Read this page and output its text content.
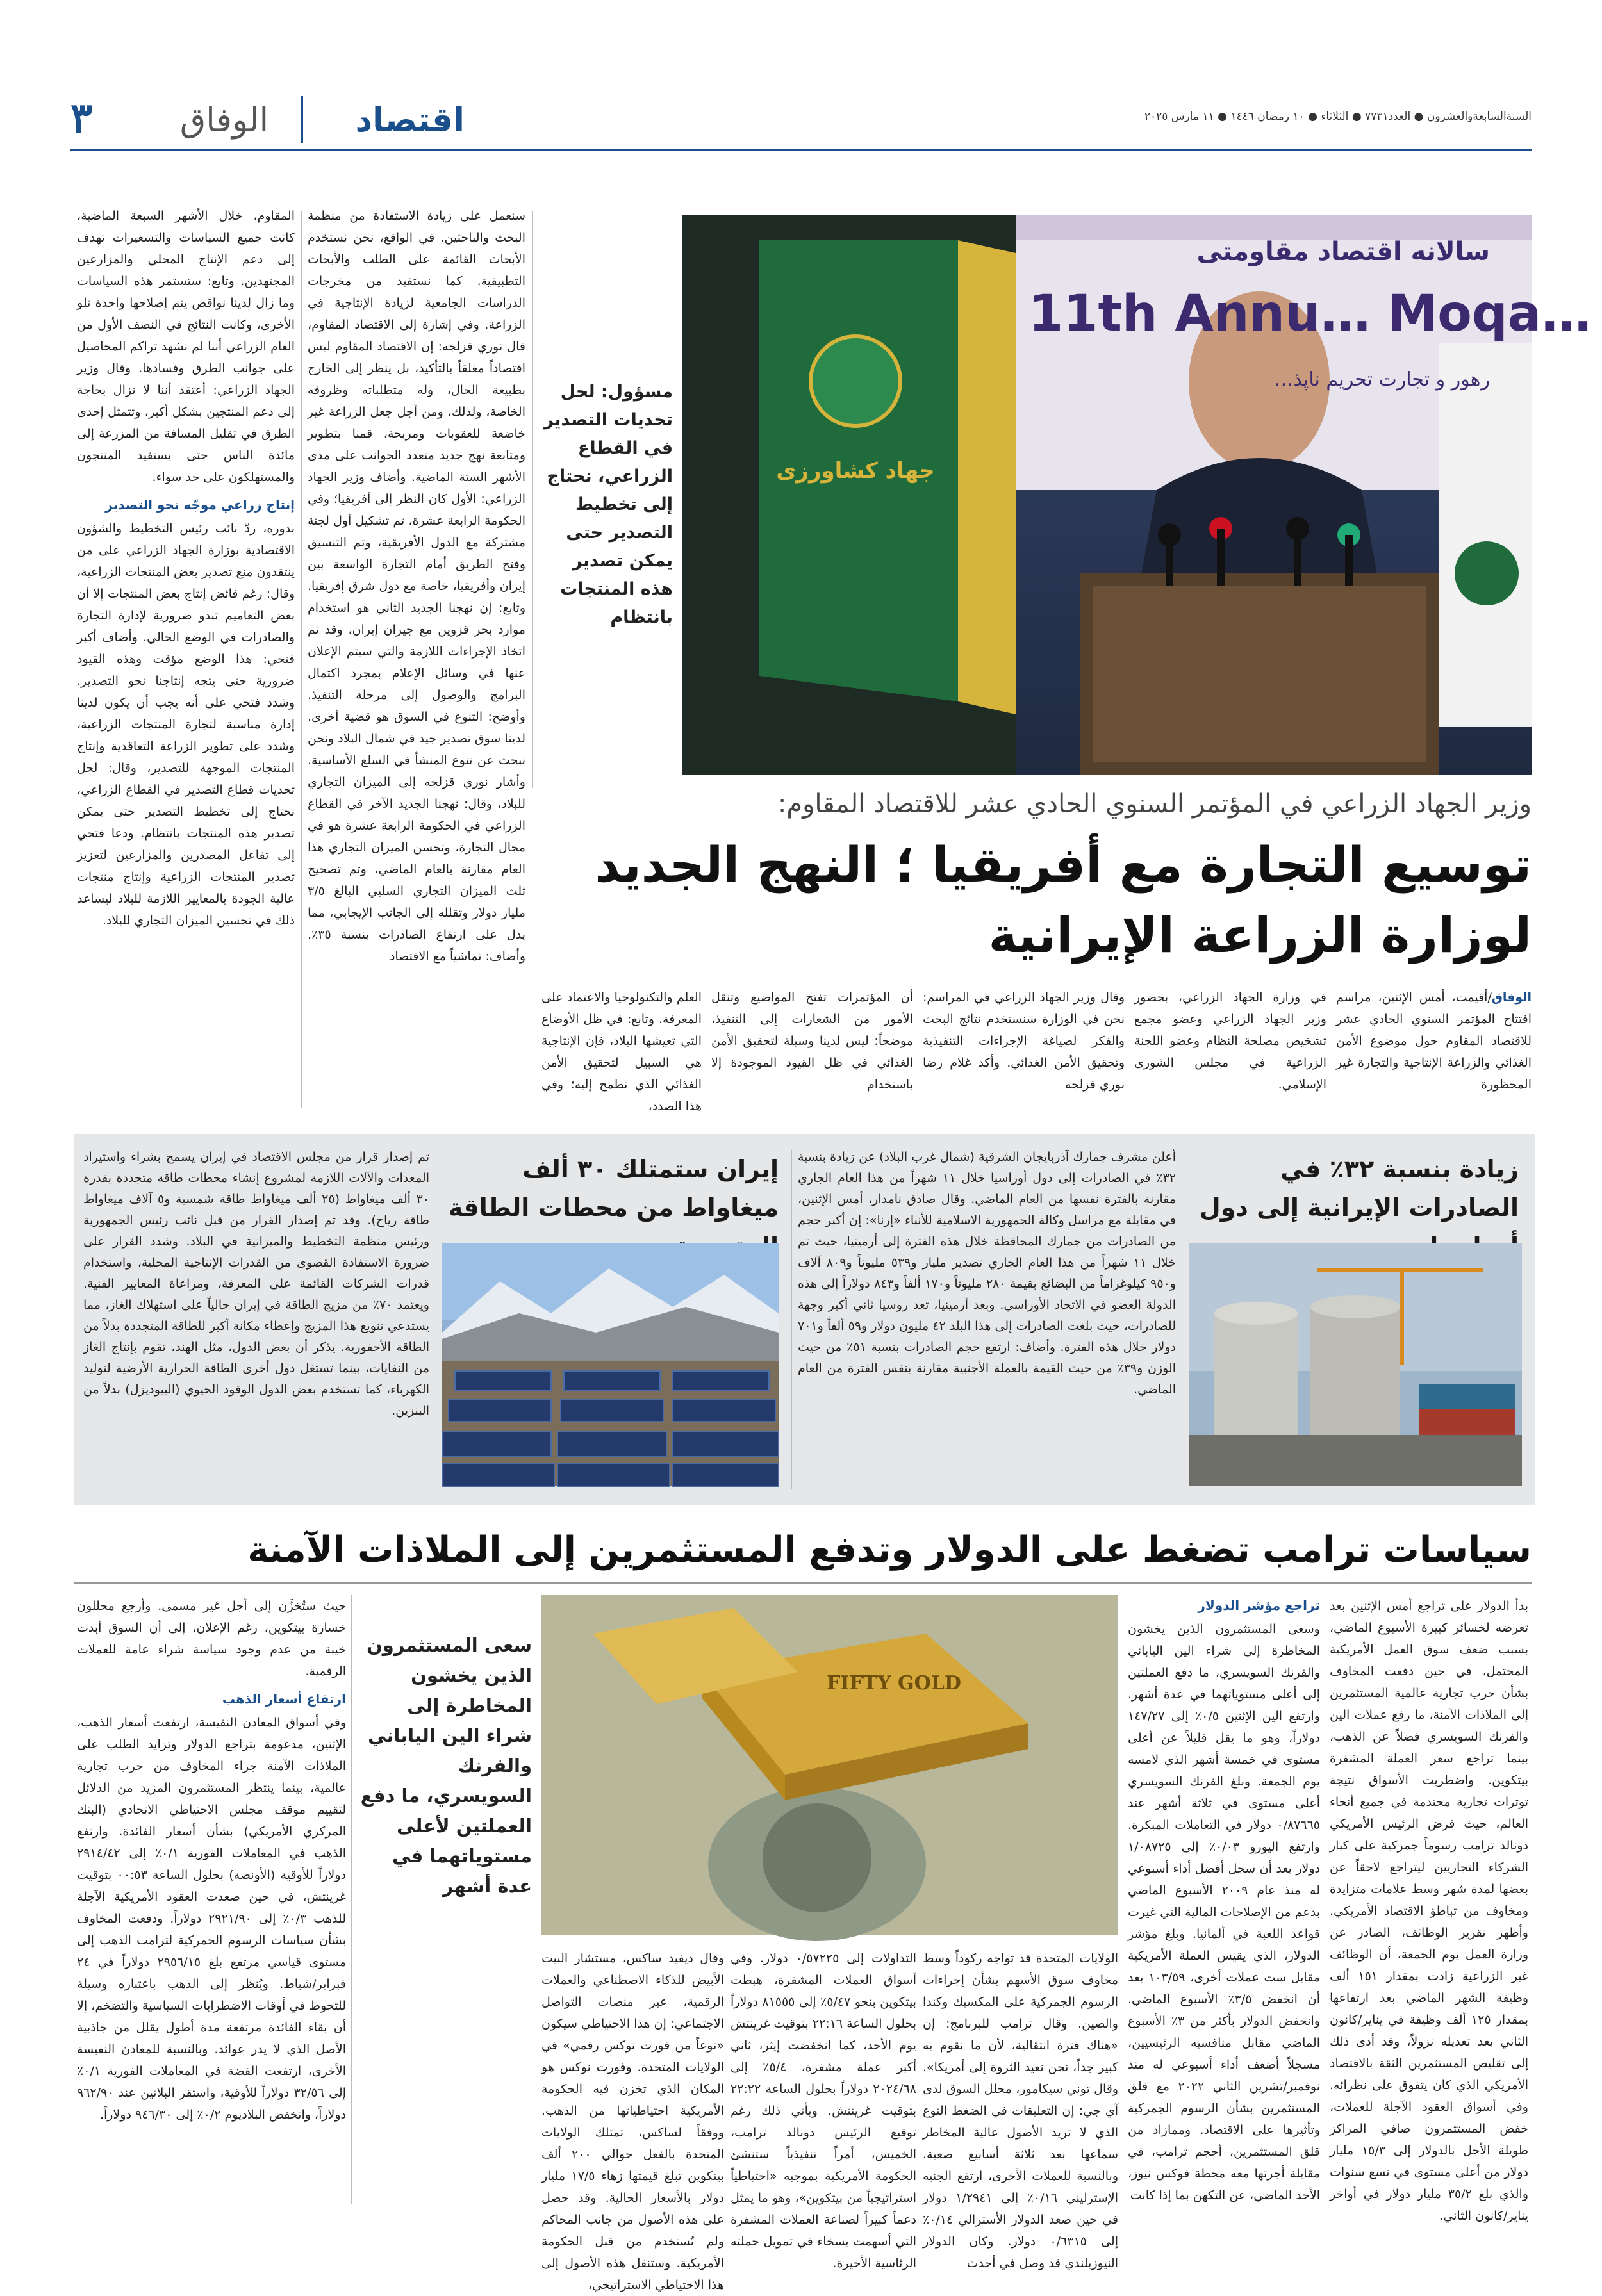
٣	الوفاق	اقتصاد	السنةالسابعةوالعشرون ● العدد٧٧٣١ ● الثلاثاء ● ١٠ رمضان ١٤٤٦ ● ١١ مارس ٢٠٢٥

المقاوم، خلال الأشهر السبعة الماضية، كانت جميع السياسات والتسعيرات تهدف إلى دعم الإنتاج المحلي والمزارعين المجتهدين. وتابع: ستستمر هذه السياسات وما زال لدينا نواقص يتم إصلاحها واحدة تلو الأخرى، وكانت النتائج في النصف الأول من العام الزراعي أننا لم نشهد تراكم المحاصيل على جوانب الطرق وفسادها. وقال وزير الجهاد الزراعي: أعتقد أننا لا نزال بحاجة إلى دعم المنتجين بشكل أكبر، وتتمثل إحدى الطرق في تقليل المسافة من المزرعة إلى مائدة الناس حتى يستفيد المنتجون والمستهلكون على حد سواء.

إنتاج زراعي موجّه نحو التصدير

بدوره، ردّ نائب رئيس التخطيط والشؤون الاقتصادية بوزارة الجهاد الزراعي على من ينتقدون منع تصدير بعض المنتجات الزراعية، وقال: رغم فائض إنتاج بعض المنتجات إلا أن بعض التعاميم تبدو ضرورية لإدارة التجارة والصادرات في الوضع الحالي. وأضاف أكبر فتحي: هذا الوضع مؤقت وهذه القيود ضرورية حتى يتجه إنتاجنا نحو التصدير. وشدد فتحي على أنه يجب أن يكون لدينا إدارة مناسبة لتجارة المنتجات الزراعية، وشدد على تطوير الزراعة التعاقدية وإنتاج المنتجات الموجهة للتصدير، وقال: لحل تحديات قطاع التصدير في القطاع الزراعي، نحتاج إلى تخطيط التصدير حتى يمكن تصدير هذه المنتجات بانتظام. ودعا فتحي إلى تفاعل المصدرين والمزارعين لتعزيز تصدير المنتجات الزراعية وإنتاج منتجات عالية الجودة بالمعايير اللازمة للبلاد ليساعد ذلك في تحسين الميزان التجاري للبلاد.

سنعمل على زيادة الاستفادة من منظمة البحث والباحثين. في الواقع، نحن نستخدم الأبحاث القائمة على الطلب والأبحاث التطبيقية. كما نستفيد من مخرجات الدراسات الجامعية لزيادة الإنتاجية في الزراعة. وفي إشارة إلى الاقتصاد المقاوم، قال نوري قزلجه: إن الاقتصاد المقاوم ليس اقتصاداً مغلقاً بالتأكيد، بل ينظر إلى الخارج بطبيعة الحال، وله متطلباته وظروفه الخاصة، ولذلك، ومن أجل جعل الزراعة غير خاضعة للعقوبات ومربحة، قمنا بتطوير ومتابعة نهج جديد متعدد الجوانب على مدى الأشهر الستة الماضية. وأضاف وزير الجهاد الزراعي: الأول كان النظر إلى أفريقيا؛ وفي الحكومة الرابعة عشرة، تم تشكيل أول لجنة مشتركة مع الدول الأفريقية، وتم التنسيق وفتح الطريق أمام التجارة الواسعة بين إيران وأفريقيا، خاصة مع دول شرق إفريقيا. وتابع: إن نهجنا الجديد الثاني هو استخدام موارد بحر قزوين مع جيران إيران، وقد تم اتخاذ الإجراءات اللازمة والتي سيتم الإعلان عنها في وسائل الإعلام بمجرد اكتمال البرامج والوصول إلى مرحلة التنفيذ. وأوضح: التنوع في السوق هو قضية أخرى. لدينا سوق تصدير جيد في شمال البلاد ونحن نبحث عن تنوع المنشأ في السلع الأساسية. وأشار نوري قزلجه إلى الميزان التجاري للبلاد، وقال: نهجنا الجديد الآخر في القطاع الزراعي في الحكومة الرابعة عشرة هو في مجال التجارة، وتحسن الميزان التجاري هذا العام مقارنة بالعام الماضي، وتم تصحيح ثلث الميزان التجاري السلبي البالغ ٣/٥ مليار دولار وتقلله إلى الجانب الإيجابي، مما يدل على ارتفاع الصادرات بنسبة ٣٥٪. وأضاف: تماشياً مع الاقتصاد

مسؤول: لحل تحديات التصدير في القطاع الزراعي، نحتاج إلى تخطيط التصدير حتى يمكن تصدير هذه المنتجات بانتظام
سالانه اقتصاد مقاومتی
11th Annu… Moqa…
رهور و تجارت تحریم ناپذ…
جهاد كشاورزى
وزير الجهاد الزراعي في المؤتمر السنوي الحادي عشر للاقتصاد المقاوم:
توسيع التجارة مع أفريقيا ؛ النهج الجديد
لوزارة الزراعة الإيرانية

الوفاق/أقيمت، أمس الإثنين، مراسم افتتاح المؤتمر السنوي الحادي عشر للاقتصاد المقاوم حول موضوع الأمن الغذائي والزراعة الإنتاجية والتجارة غير المحظورة

في وزارة الجهاد الزراعي، بحضور وزير الجهاد الزراعي وعضو مجمع تشخيص مصلحة النظام وعضو اللجنة الزراعية في مجلس الشورى الإسلامي.

وقال وزير الجهاد الزراعي في المراسم: نحن في الوزارة سنستخدم نتائج البحث والفكر لصياغة الإجراءات التنفيذية وتحقيق الأمن الغذائي. وأكد غلام رضا نوري قزلجه

أن المؤتمرات تفتح المواضيع وتنقل الأمور من الشعارات إلى التنفيذ، موضحاً: ليس لدينا وسيلة لتحقيق الأمن الغذائي في ظل القيود الموجودة إلا باستخدام

العلم والتكنولوجيا والاعتماد على المعرفة. وتابع: في ظل الأوضاع التي تعيشها البلاد، فإن الإنتاجية هي السبيل لتحقيق الأمن الغذائي الذي نطمح إليه؛ وفي هذا الصدد،

زيادة بنسبة ٣٢٪ في الصادرات الإيرانية إلى دول

أعلن مشرف جمارك آذربايجان الشرقية (شمال غرب البلاد) عن زيادة بنسبة ٣٢٪ في الصادرات إلى دول أوراسيا خلال ١١ شهراً من هذا العام الجاري مقارنة بالفترة نفسها من العام الماضي. وقال صادق نامدار، أمس الإثنين، في مقابلة مع مراسل وكالة الجمهورية الاسلامية للأنباء «إرنا»: إن أكبر حجم من الصادرات من جمارك المحافظة خلال هذه الفترة إلى أرمينيا، حيث تم خلال ١١ شهراً من هذا العام الجاري تصدير مليار و٥٣٩ مليوناً و٨٠٩ آلاف و٩٥٠ كيلوغراماً من البضائع بقيمة ٢٨٠ مليوناً و١٧٠ ألفاً و٨٤٣ دولاراً إلى هذه الدولة العضو في الاتحاد الأوراسي. وبعد أرمينيا، تعد روسيا ثاني أكبر وجهة للصادرات، حيث بلغت الصادرات إلى هذا البلد ٤٢ مليون دولار و٥٩ ألفاً و٧٠١ دولار خلال هذه الفترة. وأضاف: ارتفع حجم الصادرات بنسبة ٥١٪ من حيث الوزن و٣٩٪ من حيث القيمة بالعملة الأجنبية مقارنة بنفس الفترة من العام الماضي.

إيران ستمتلك ٣٠ ألف ميغاواط من محطات الطاقة

تم إصدار قرار من مجلس الاقتصاد في إيران يسمح بشراء واستيراد المعدات والآلات اللازمة لمشروع إنشاء محطات طاقة متجددة بقدرة ٣٠ ألف ميغاواط (٢٥ ألف ميغاواط طاقة شمسية و٥ آلاف ميغاواط طاقة رياح). وقد تم إصدار القرار من قبل نائب رئيس الجمهورية ورئيس منظمة التخطيط والميزانية في البلاد. وشدد القرار على ضرورة الاستفادة القصوى من القدرات الإنتاجية المحلية، واستخدام قدرات الشركات القائمة على المعرفة، ومراعاة المعايير الفنية. ويعتمد ٧٠٪ من مزيج الطاقة في إيران حالياً على استهلاك الغاز، مما يستدعي تنويع هذا المزيج وإعطاء مكانة أكبر للطاقة المتجددة بدلاً من الطاقة الأحفورية. يذكر أن بعض الدول، مثل الهند، تقوم بإنتاج الغاز من النفايات، بينما تستغل دول أخرى الطاقة الحرارية الأرضية لتوليد الكهرباء، كما تستخدم بعض الدول الوقود الحيوي (البيوديزل) بدلاً من البنزين.

سياسات ترامب تضغط على الدولار وتدفع المستثمرين إلى الملاذات الآمنة

بدأ الدولار على تراجع أمس الإثنين بعد تعرضه لخسائر كبيرة الأسبوع الماضي، بسبب ضعف سوق العمل الأمريكية المحتمل، في حين دفعت المخاوف بشأن حرب تجارية عالمية المستثمرين إلى الملاذات الآمنة، ما رفع عملات الين والفرنك السويسري فضلاً عن الذهب، بينما تراجع سعر العملة المشفرة بيتكوين. واضطربت الأسواق نتيجة توترات تجارية محتدمة في جميع أنحاء العالم، حيث فرض الرئيس الأمريكي دونالد ترامب رسوماً جمركية على كبار الشركاء التجاريين ليتراجع لاحقاً عن بعضها لمدة شهر وسط علامات متزايدة ومخاوف من تباطؤ الاقتصاد الأمريكي. وأظهر تقرير الوظائف، الصادر عن وزارة العمل يوم الجمعة، أن الوظائف غير الزراعية زادت بمقدار ١٥١ ألف وظيفة الشهر الماضي بعد ارتفاعها بمقدار ١٢٥ ألف وظيفة في يناير/كانون الثاني بعد تعديله نزولاً، وقد أدى ذلك إلى تقليص المستثمرين الثقة بالاقتصاد الأمريكي الذي كان يتفوق على نظرائه. وفي أسواق العقود الآجلة للعملات، خفض المستثمرون صافي المراكز طويلة الأجل بالدولار إلى ١٥/٣ مليار دولار من أعلى مستوى في تسع سنوات والذي بلغ ٣٥/٢ مليار دولار في أواخر يناير/كانون الثاني.

تراجع مؤشر الدولار

وسعى المستثمرون الذين يخشون المخاطرة إلى شراء الين الياباني والفرنك السويسري، ما دفع العملتين إلى أعلى مستوياتهما في عدة أشهر. وارتفع الين الإثنين ٠/٥٪ إلى ١٤٧/٢٧ دولاراً، وهو ما يقل قليلاً عن أعلى مستوى في خمسة أشهر الذي لامسه يوم الجمعة. وبلغ الفرنك السويسري أعلى مستوى في ثلاثة أشهر عند ٠/٨٧٦٦٥ دولار في التعاملات المبكرة. وارتفع اليورو ٠/٠٣٪ إلى ١/٠٨٧٢٥ دولار بعد أن سجل أفضل أداء أسبوعي له منذ عام ٢٠٠٩ الأسبوع الماضي بدعم من الإصلاحات المالية التي غيرت قواعد اللعبة في ألمانيا. وبلغ مؤشر الدولار، الذي يقيس العملة الأمريكية مقابل ست عملات أخرى، ١٠٣/٥٩ بعد أن انخفض ٣/٥٪ الأسبوع الماضي. وانخفض الدولار بأكثر من ٣٪ الأسبوع الماضي مقابل منافسيه الرئيسيين، مسجلاً أضعف أداء أسبوعي له منذ نوفمبر/تشرين الثاني ٢٠٢٢ مع قلق المستثمرين بشأن الرسوم الجمركية وتأثيرها على الاقتصاد. وممازاد من قلق المستثمرين، أحجم ترامب، في مقابلة أجرتها معه محطة فوكس نيوز، الأحد الماضي، عن التكهن بما إذا كانت

FIFTY GOLD
سعى المستثمرون الذين يخشون المخاطرة إلى شراء الين الياباني والفرنك السويسري، ما دفع العملتين لأعلى مستوياتهما في عدة أشهر

الولايات المتحدة قد تواجه ركوداً وسط مخاوف سوق الأسهم بشأن إجراءات الرسوم الجمركية على المكسيك وكندا والصين. وقال ترامب للبرنامج: إن «هناك فترة انتقالية، لأن ما نقوم به كبير جداً، نحن نعيد الثروة إلى أمريكا». وقال توني سيكامور، محلل السوق لدى آي جي: إن التعليقات في الضغط النوع الذي لا تريد الأصول عالية المخاطر سماعها بعد ثلاثة أسابيع صعبة. وبالنسبة للعملات الأخرى، ارتفع الجنيه الإسترليني ٠/١٦٪ إلى ١/٢٩٤١ دولار في حين صعد الدولار الأسترالي ٠/١٤٪ إلى ٠/٦٣١٥ دولار. وكان الدولار النيوزيلندي قد وصل في أحدث

التداولات إلى ٠/٥٧٢٢٥ دولار. وفي أسواق العملات المشفرة، هبطت بيتكوين بنحو ٥/٤٧٪ إلى ٨١٥٥٥ دولاراً بحلول الساعة ٢٢:١٦ بتوقيت غرينتش يوم الأحد، كما انخفضت إيثر، ثاني أكبر عملة مشفرة، ٥/٤٪ إلى ٢٠٢٤/٦٨ دولاراً بحلول الساعة ٢٢:٢٢ بتوقيت غرينتش. ويأتي ذلك رغم توقيع الرئيس دونالد ترامب، الخميس، أمراً تنفيذياً ستنشئ الحكومة الأمريكية بموجبه «احتياطياً استراتيجياً من بيتكوين»، وهو ما يمثل دعماً كبيراً لصناعة العملات المشفرة التي أسهمت بسخاء في تمويل حملته الرئاسية الأخيرة.

وقال ديفيد ساكس، مستشار البيت الأبيض للذكاء الاصطناعي والعملات الرقمية، عبر منصات التواصل الاجتماعي: إن هذا الاحتياطي سيكون «نوعاً من فورت نوكس رقمي» في الولايات المتحدة. وفورت نوكس هو المكان الذي تخزن فيه الحكومة الأمريكية احتياطياتها من الذهب. ووفقاً لساكس، تمتلك الولايات المتحدة بالفعل حوالي ٢٠٠ ألف بيتكوين تبلغ قيمتها زهاء ١٧/٥ مليار دولار بالأسعار الحالية. وقد حصل على هذه الأصول من جانب المحاكم ولم تُستخدم من قبل الحكومة الأمريكية. وستنقل هذه الأصول إلى هذا الاحتياطي الاستراتيجي،

حيث ستُخزَّن إلى أجل غير مسمى. وأرجع محللون خسارة بيتكوين، رغم الإعلان، إلى أن السوق أبدت خيبة من عدم وجود سياسة شراء عامة للعملات الرقمية.

ارتفاع أسعار الذهب

وفي أسواق المعادن النفيسة، ارتفعت أسعار الذهب، الإثنين، مدعومة بتراجع الدولار وتزايد الطلب على الملاذات الآمنة جراء المخاوف من حرب تجارية عالمية، بينما ينتظر المستثمرون المزيد من الدلائل لتقييم موقف مجلس الاحتياطي الاتحادي (البنك المركزي الأمريكي) بشأن أسعار الفائدة. وارتفع الذهب في المعاملات الفورية ٠/١٪ إلى ٢٩١٤/٤٢ دولاراً للأوقية (الأونصة) بحلول الساعة ٠٠:٥٣ بتوقيت غرينتش، في حين صعدت العقود الأمريكية الآجلة للذهب ٠/٣٪ إلى ٢٩٢١/٩٠ دولاراً. ودفعت المخاوف بشأن سياسات الرسوم الجمركية لترامب الذهب إلى مستوى قياسي مرتفع بلغ ٢٩٥٦/١٥ دولاراً في ٢٤ فبراير/شباط. ويُنظر إلى الذهب باعتباره وسيلة للتحوط في أوقات الاضطرابات السياسية والتضخم، إلا أن بقاء الفائدة مرتفعة مدة أطول يقلل من جاذبية الأصل الذي لا يدر عوائد. وبالنسبة للمعادن النفيسة الأخرى، ارتفعت الفضة في المعاملات الفورية ٠/١٪ إلى ٣٢/٥٦ دولاراً للأوقية، واستقر البلاتين عند ٩٦٢/٩٠ دولاراً، وانخفض البلاديوم ٠/٢٪ إلى ٩٤٦/٣٠ دولاراً.
